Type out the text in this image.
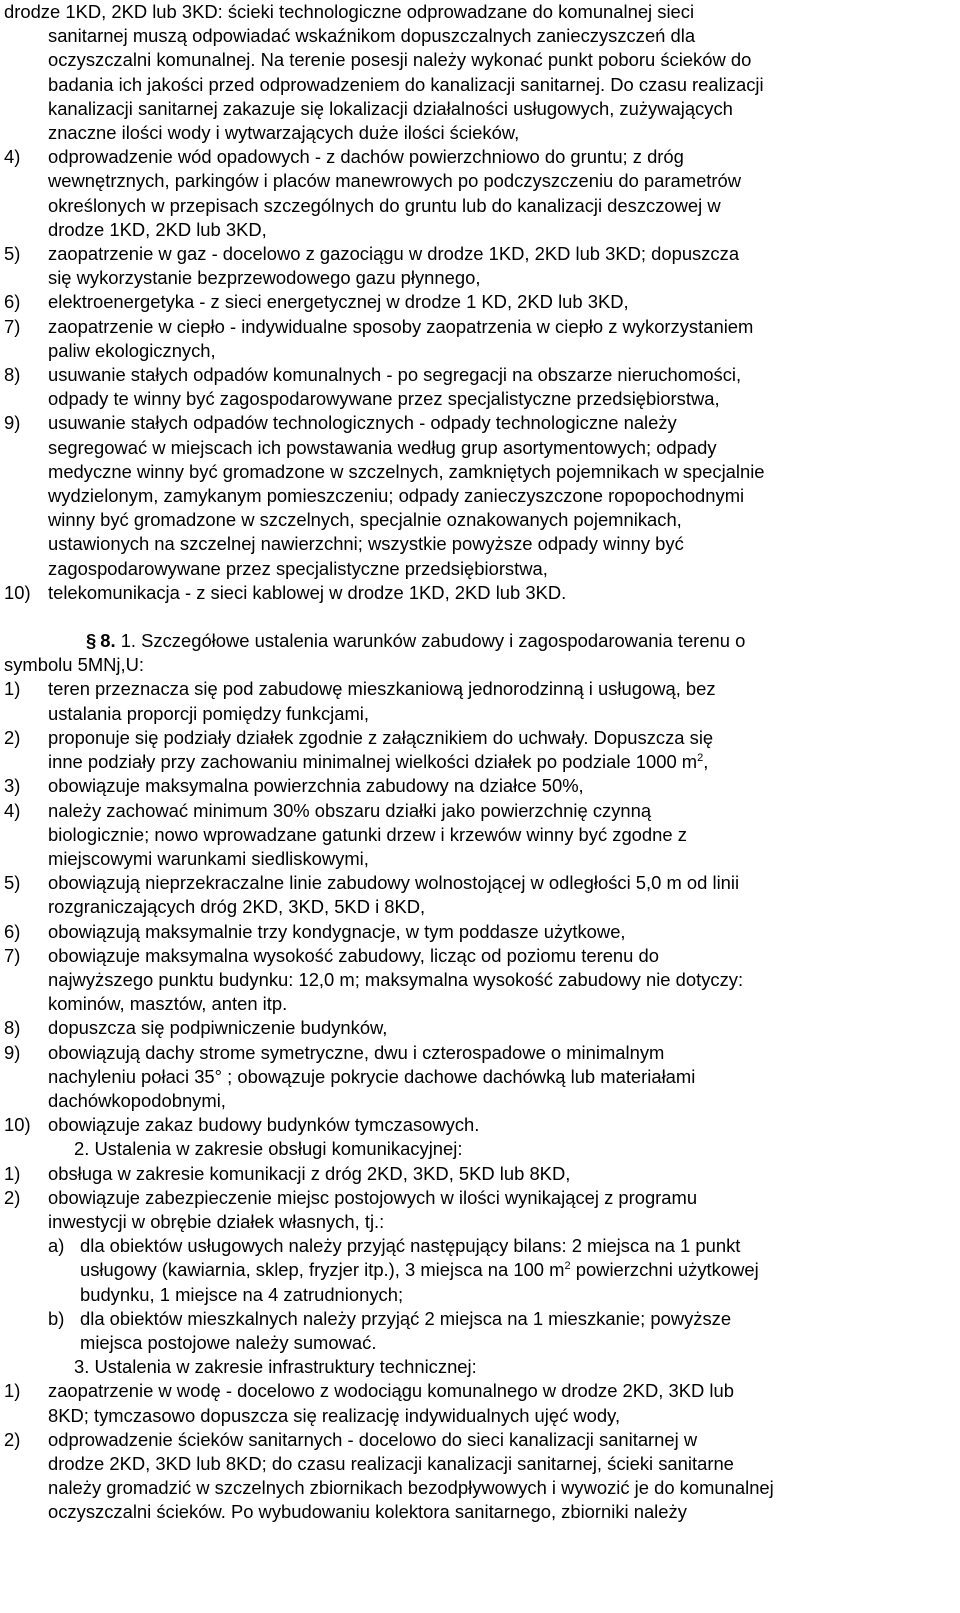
drodze 1KD, 2KD lub 3KD: ścieki technologiczne odprowadzane do komunalnej sieci
sanitarnej muszą odpowiadać wskaźnikom dopuszczalnych zanieczyszczeń dla
oczyszczalni komunalnej. Na terenie posesji należy wykonać punkt poboru ścieków do
badania ich jakości przed odprowadzeniem do kanalizacji sanitarnej. Do czasu realizacji
kanalizacji sanitarnej zakazuje się lokalizacji działalności usługowych, zużywających
znaczne ilości wody i wytwarzających duże ilości ścieków,
4) odprowadzenie wód opadowych - z dachów powierzchniowo do gruntu; z dróg
wewnętrznych, parkingów i placów manewrowych po podczyszczeniu do parametrów
określonych w przepisach szczególnych do gruntu lub do kanalizacji deszczowej w
drodze 1KD, 2KD lub 3KD,
5) zaopatrzenie w gaz - docelowo z gazociągu w drodze 1KD, 2KD lub 3KD; dopuszcza
się wykorzystanie bezprzewodowego gazu płynnego,
6) elektroenergetyka - z sieci energetycznej w drodze 1 KD, 2KD lub 3KD,
7) zaopatrzenie w ciepło - indywidualne sposoby zaopatrzenia w ciepło z wykorzystaniem
paliw ekologicznych,
8) usuwanie stałych odpadów komunalnych - po segregacji na obszarze nieruchomości,
odpady te winny być zagospodarowywane przez specjalistyczne przedsiębiorstwa,
9) usuwanie stałych odpadów technologicznych - odpady technologiczne należy
segregować w miejscach ich powstawania według grup asortymentowych; odpady
medyczne winny być gromadzone w szczelnych, zamkniętych pojemnikach w specjalnie
wydzielonym, zamykanym pomieszczeniu; odpady zanieczyszczone ropopochodnymi
winny być gromadzone w szczelnych, specjalnie oznakowanych pojemnikach,
ustawionych na szczelnej nawierzchni; wszystkie powyższe odpady winny być
zagospodarowywane przez specjalistyczne przedsiębiorstwa,
10) telekomunikacja - z sieci kablowej w drodze 1KD, 2KD lub 3KD.
§ 8. 1. Szczegółowe ustalenia warunków zabudowy i zagospodarowania terenu o
symbolu 5MNj,U:
1) teren przeznacza się pod zabudowę mieszkaniową jednorodzinną i usługową, bez
ustalania proporcji pomiędzy funkcjami,
2) proponuje się podziały działek zgodnie z załącznikiem do uchwały. Dopuszcza się
inne podziały przy zachowaniu minimalnej wielkości działek po podziale 1000 $m^2$,
3) obowiązuje maksymalna powierzchnia zabudowy na działce 50%,
4) należy zachować minimum 30% obszaru działki jako powierzchnię czynną
biologicznie; nowo wprowadzane gatunki drzew i krzewów winny być zgodne z
miejscowymi warunkami siedliskowymi,
5) obowiązują nieprzekraczalne linie zabudowy wolnostojącej w odległości 5,0 m od linii
rozgraniczających dróg 2KD, 3KD, 5KD i 8KD,
6) obowiązują maksymalnie trzy kondygnacje, w tym poddasze użytkowe,
7) obowiązuje maksymalna wysokość zabudowy, licząc od poziomu terenu do
najwyższego punktu budynku: 12,0 m; maksymalna wysokość zabudowy nie dotyczy:
kominów, masztów, anten itp.
8) dopuszcza się podpiwniczenie budynków,
9) obowiązują dachy strome symetryczne, dwu i czterospadowe o minimalnym
nachyleniu połaci 35° ; obowązuje pokrycie dachowe dachówką lub materiałami
dachówkopodobnymi,
10) obowiązuje zakaz budowy budynków tymczasowych.
2. Ustalenia w zakresie obsługi komunikacyjnej:
1) obsługa w zakresie komunikacji z dróg 2KD, 3KD, 5KD lub 8KD,
2) obowiązuje zabezpieczenie miejsc postojowych w ilości wynikającej z programu
inwestycji w obrębie działek własnych, tj.:
a) dla obiektów usługowych należy przyjąć następujący bilans: 2 miejsca na 1 punkt
usługowy (kawiarnia, sklep, fryzjer itp.), 3 miejsca na 100 $m^2$ powierzchni użytkowej
budynku, 1 miejsce na 4 zatrudnionych;
b) dla obiektów mieszkalnych należy przyjąć 2 miejsca na 1 mieszkanie; powyższe
miejsca postojowe należy sumować.
3. Ustalenia w zakresie infrastruktury technicznej:
1) zaopatrzenie w wodę - docelowo z wodociągu komunalnego w drodze 2KD, 3KD lub
8KD; tymczasowo dopuszcza się realizację indywidualnych ujęć wody,
2) odprowadzenie ścieków sanitarnych - docelowo do sieci kanalizacji sanitarnej w
drodze 2KD, 3KD lub 8KD; do czasu realizacji kanalizacji sanitarnej, ścieki sanitarne
należy gromadzić w szczelnych zbiornikach bezodpływowych i wywozić je do komunalnej
oczyszczalni ścieków. Po wybudowaniu kolektora sanitarnego, zbiorniki należy
